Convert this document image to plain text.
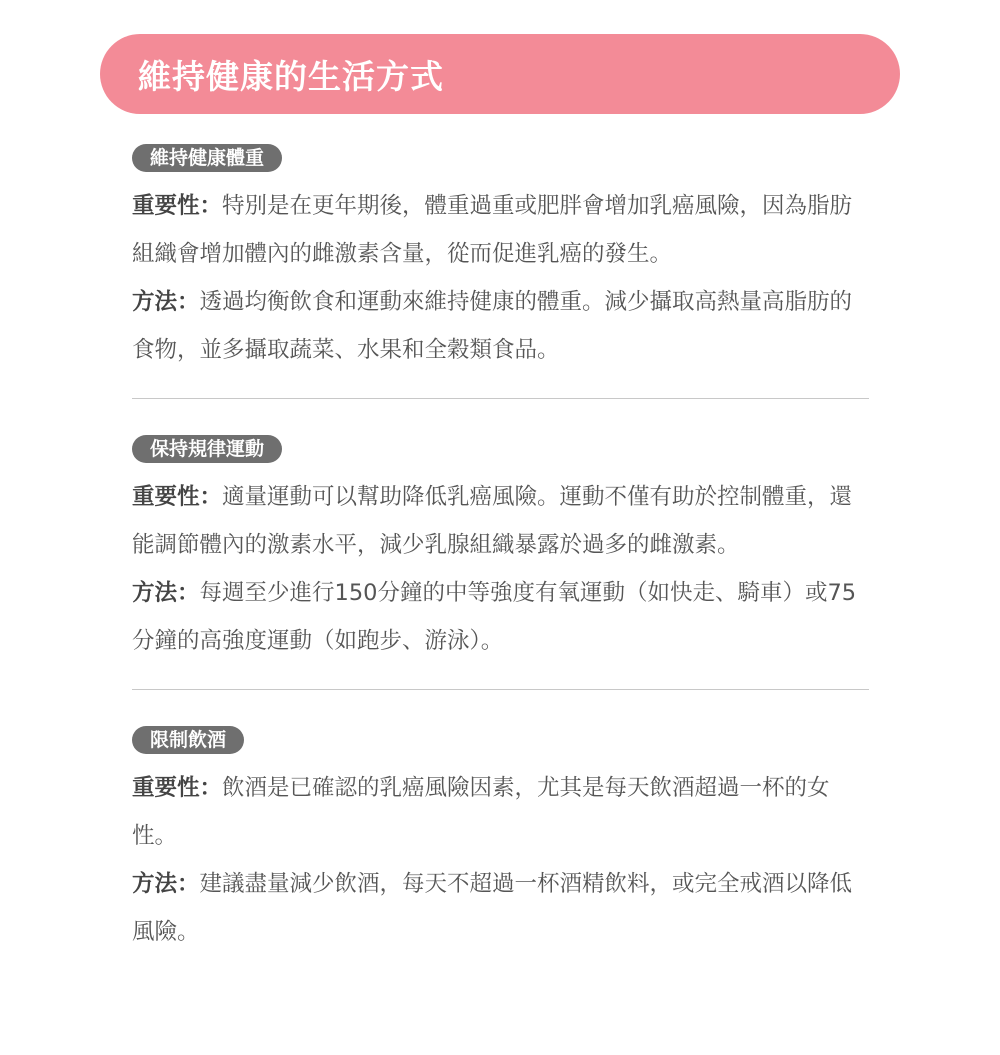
維持健康的生活方式
維持健康體重

重要性：特別是在更年期後，體重過重或肥胖會增加乳癌風險，因為脂肪組織會增加體內的雌激素含量，從而促進乳癌的發生。

方法：透過均衡飲食和運動來維持健康的體重。減少攝取高熱量高脂肪的食物，並多攝取蔬菜、水果和全穀類食品。

保持規律運動

重要性：適量運動可以幫助降低乳癌風險。運動不僅有助於控制體重，還能調節體內的激素水平，減少乳腺組織暴露於過多的雌激素。

方法：每週至少進行150分鐘的中等強度有氧運動（如快走、騎車）或75分鐘的高強度運動（如跑步、游泳）。

限制飲酒

重要性：飲酒是已確認的乳癌風險因素，尤其是每天飲酒超過一杯的女性。

方法：建議盡量減少飲酒，每天不超過一杯酒精飲料，或完全戒酒以降低風險。
